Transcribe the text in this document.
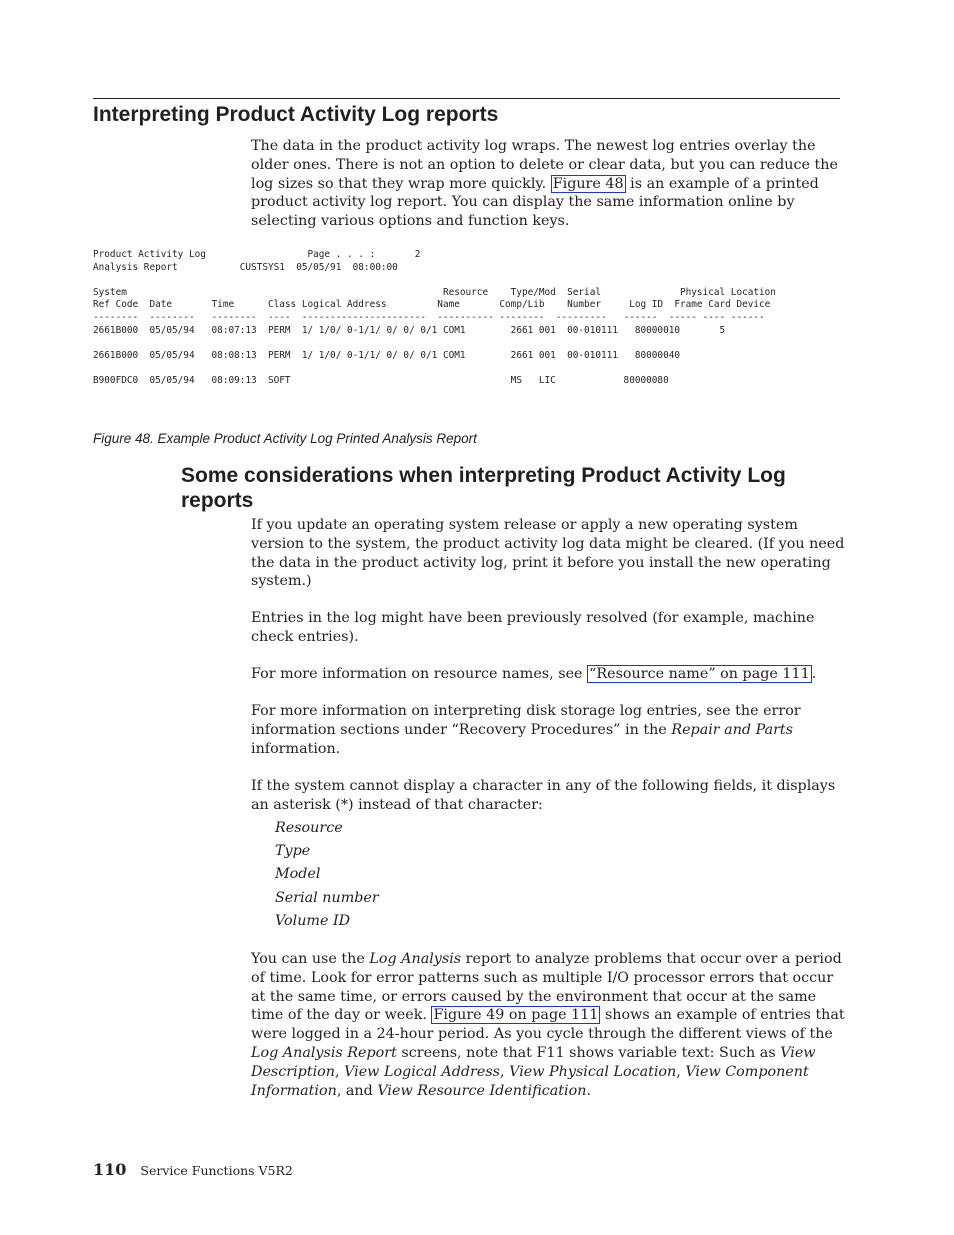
Interpreting Product Activity Log reports

The data in the product activity log wraps. The newest log entries overlay the older ones. There is not an option to delete or clear data, but you can reduce the log sizes so that they wrap more quickly. Figure 48 is an example of a printed product activity log report. You can display the same information online by selecting various options and function keys.

Product Activity Log                  Page . . . :       2
Analysis Report           CUSTSYS1  05/05/91  08:00:00

System                                                        Resource    Type/Mod  Serial              Physical Location
Ref Code  Date       Time      Class Logical Address         Name       Comp/Lib    Number     Log ID  Frame Card Device
--------  --------   --------  ----  ----------------------  ---------- --------  ---------   ------  ----- ---- ------
2661B000  05/05/94   08:07:13  PERM  1/ 1/0/ 0-1/1/ 0/ 0/ 0/1 COM1        2661 001  00-010111   80000010       5

2661B000  05/05/94   08:08:13  PERM  1/ 1/0/ 0-1/1/ 0/ 0/ 0/1 COM1        2661 001  00-010111   80000040

B900FDC0  05/05/94   08:09:13  SOFT                                       MS   LIC            80000080

Figure 48. Example Product Activity Log Printed Analysis Report

Some considerations when interpreting Product Activity Log reports

If you update an operating system release or apply a new operating system version to the system, the product activity log data might be cleared. (If you need the data in the product activity log, print it before you install the new operating system.)

Entries in the log might have been previously resolved (for example, machine check entries).

For more information on resource names, see “Resource name” on page 111 .

For more information on interpreting disk storage log entries, see the error information sections under “Recovery Procedures” in the Repair and Parts information.

If the system cannot display a character in any of the following fields, it displays an asterisk (*) instead of that character:

Resource
Type
Model
Serial number
Volume ID

You can use the Log Analysis report to analyze problems that occur over a period of time. Look for error patterns such as multiple I/O processor errors that occur at the same time, or errors caused by the environment that occur at the same time of the day or week. Figure 49 on page 111 shows an example of entries that were logged in a 24-hour period. As you cycle through the different views of the Log Analysis Report screens, note that F11 shows variable text: Such as View Description, View Logical Address, View Physical Location, View Component Information, and View Resource Identification.

110 Service Functions V5R2
